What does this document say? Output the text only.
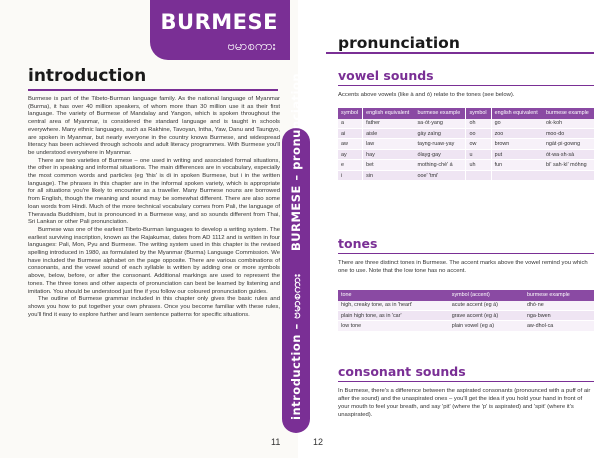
BURMESE
ဗမာစကား
introduction

Burmese is part of the Tibeto-Burman language family. As the national language of Myanmar (Burma), it has over 40 million speakers, of whom more than 30 million use it as their first language. The variety of Burmese of Mandalay and Yangon, which is spoken throughout the central area of Myanmar, is considered the standard language and is taught in schools everywhere. Many ethnic languages, such as Rakhine, Tavoyan, Intha, Yaw, Danu and Taungyo, are spoken in Myanmar, but nearly everyone in the country knows Burmese, and widespread literacy has been achieved through schools and adult literacy programmes. With Burmese you'll be understood everywhere in Myanmar.

There are two varieties of Burmese – one used in writing and associated formal situations, the other in speaking and informal situations. The main differences are in vocabulary, especially the most common words and particles (eg 'this' is di in spoken Burmese, but i in the written language). The phrases in this chapter are in the informal spoken variety, which is appropriate for all situations you're likely to encounter as a traveller. Many Burmese nouns are borrowed from English, though the meaning and sound may be somewhat different. There are also some loan words from Hindi. Much of the more technical vocabulary comes from Pali, the language of Theravada Buddhism, but is pronounced in a Burmese way, and so sounds different from Thai, Sri Lankan or other Pali pronunciation.

Burmese was one of the earliest Tibeto-Burman languages to develop a writing system. The earliest surviving inscription, known as the Rajakumar, dates from AD 1112 and is written in four languages: Pali, Mon, Pyu and Burmese. The writing system used in this chapter is the revised spelling introduced in 1980, as formulated by the Myanmar (Burma) Language Commission. We have included the Burmese alphabet on the page opposite. There are various combinations of consonants, and the vowel sound of each syllable is written by adding one or more symbols above, below, before, or after the consonant. Additional markings are used to represent the tones. The three tones and other aspects of pronunciation can best be learned by listening and imitation. You should be understood just fine if you follow our coloured pronunciation guides.

The outline of Burmese grammar included in this chapter only gives the basic rules and shows you how to put together your own phrases. Once you become familiar with these rules, you'll find it easy to explore further and learn sentence patterns for specific situations.

11
introduction – ဗမာစကား     BURMESE – pronunciation
pronunciation
vowel sounds
Accents above vowels (like à and ó) relate to the tones (see below).
symbol	english equivalent	burmese example	symbol	english equivalent	burmese example
a	father	sa·ót·yang	oh	go	ok·koh
ai	aisle	gày zaìng	oo	zoo	moo·do
aw	law	tayng·ruaw·yay	ow	brown	ngàt·pi·gowng
ay	hay	ólayg·gay	u	put	ót·wa·sh·sà
e	bet	mothing·chè' á	uh	fun	bì' sah·kì' móhng
i	sin	ooe' 'tmi'			
tones
There are three distinct tones in Burmese. The accent marks above the vowel remind you which one to use. Note that the low tone has no accent.
tone	symbol (accent)	burmese example
high, creaky tone, as in 'heart'	acute accent (eg á)	dhó·ne
plain high tone, as in 'car'	grave accent (eg à)	nga·bwen
low tone	plain vowel (eg a)	aw·dhol·ca
consonant sounds
In Burmese, there's a difference between the aspirated consonants (pronounced with a puff of air after the sound) and the unaspirated ones – you'll get the idea if you hold your hand in front of your mouth to feel your breath, and say 'pit' (where the 'p' is aspirated) and 'spit' (where it's unaspirated).
12
